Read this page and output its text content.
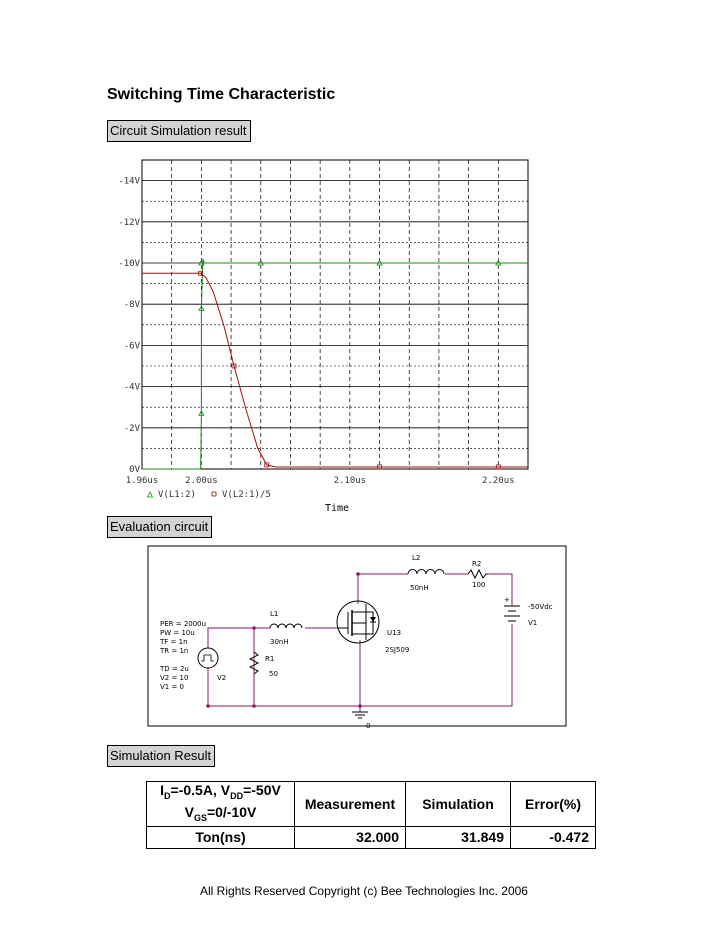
Switching Time Characteristic
Circuit Simulation result
-14V
-12V
-10V
-8V
-6V
-4V
-2V
0V
1.96us	2.00us	2.10us	2.20us
V(L1:2)	V(L2:1)/5
Time
Evaluation circuit
+
PER = 2000u
PW = 10u
TF = 1n
TR = 1n
TD = 2u
V2 = 10
V1 = 0
V2
L1
30nH
R1
50
L2
50nH
R2
100
U13
2SJ509
-50Vdc
V1
0
Simulation Result
$I_D=-0.5A$, $V_{DD}=-50V$
$V_{GS}=0/-10V$	Measurement	Simulation	Error(%)
Ton(ns)	32.000	31.849	-0.472
All Rights Reserved Copyright (c) Bee Technologies Inc. 2006
